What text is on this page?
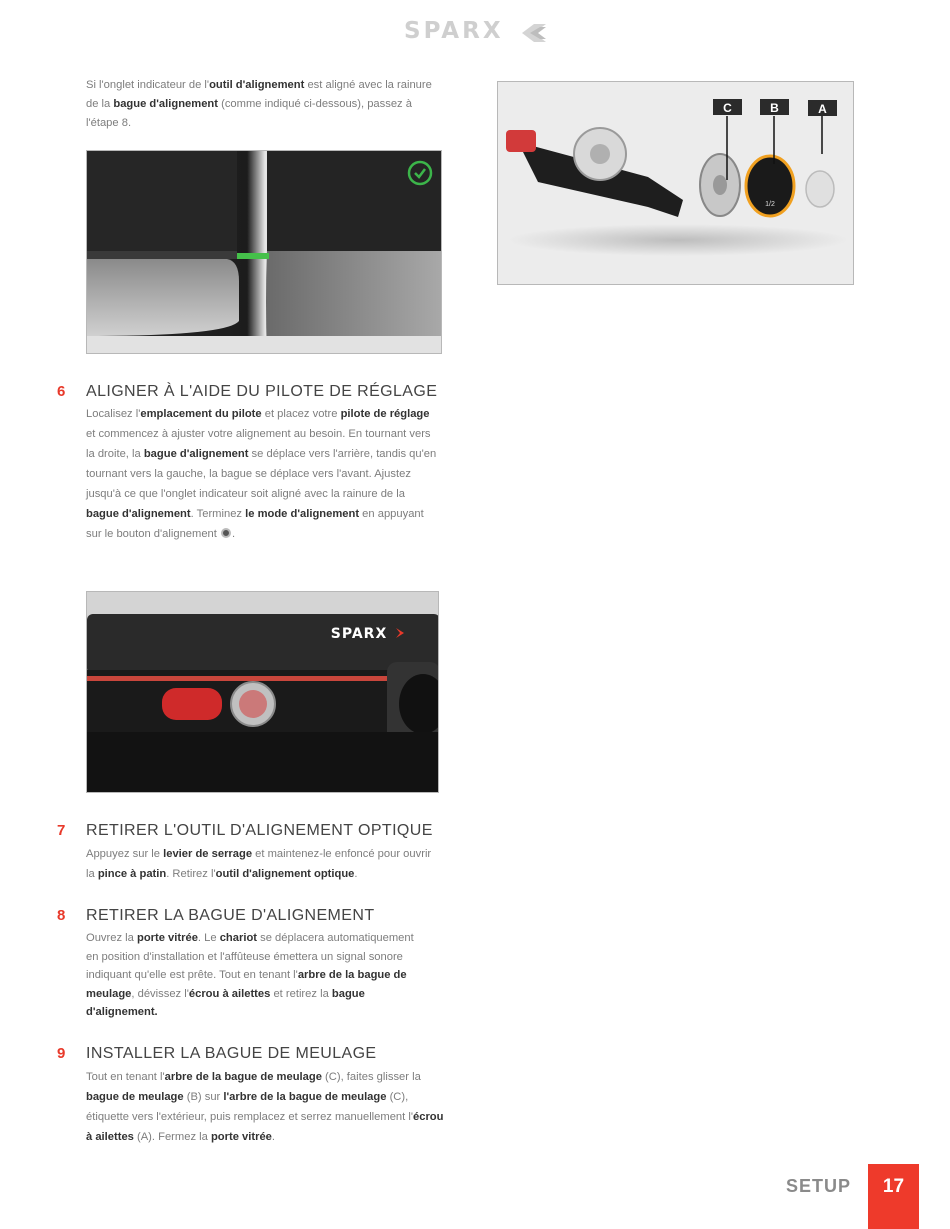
SPARX
Si l'onglet indicateur de l'outil d'alignement est aligné avec la rainure de la bague d'alignement (comme indiqué ci-dessous), passez à l'étape 8.
1/2
C	B	A
6 ALIGNER À L'AIDE DU PILOTE DE RÉGLAGE
Localisez l'emplacement du pilote et placez votre pilote de réglage et commencez à ajuster votre alignement au besoin. En tournant vers la droite, la bague d'alignement se déplace vers l'arrière, tandis qu'en tournant vers la gauche, la bague se déplace vers l'avant. Ajustez jusqu'à ce que l'onglet indicateur soit aligné avec la rainure de la bague d'alignement. Terminez le mode d'alignement en appuyant sur le bouton d'alignement .
SPARX
7 RETIRER L'OUTIL D'ALIGNEMENT OPTIQUE
Appuyez sur le levier de serrage et maintenez-le enfoncé pour ouvrir la pince à patin. Retirez l'outil d'alignement optique.
8 RETIRER LA BAGUE D'ALIGNEMENT
Ouvrez la porte vitrée. Le chariot se déplacera automatiquement en position d'installation et l'affûteuse émettera un signal sonore indiquant qu'elle est prête. Tout en tenant l'arbre de la bague de meulage, dévissez l'écrou à ailettes et retirez la bague d'alignement.
9 INSTALLER LA BAGUE DE MEULAGE
Tout en tenant l'arbre de la bague de meulage (C), faites glisser la bague de meulage (B) sur l'arbre de la bague de meulage (C), étiquette vers l'extérieur, puis remplacez et serrez manuellement l'écrou à ailettes (A). Fermez la porte vitrée.
SETUP	17
